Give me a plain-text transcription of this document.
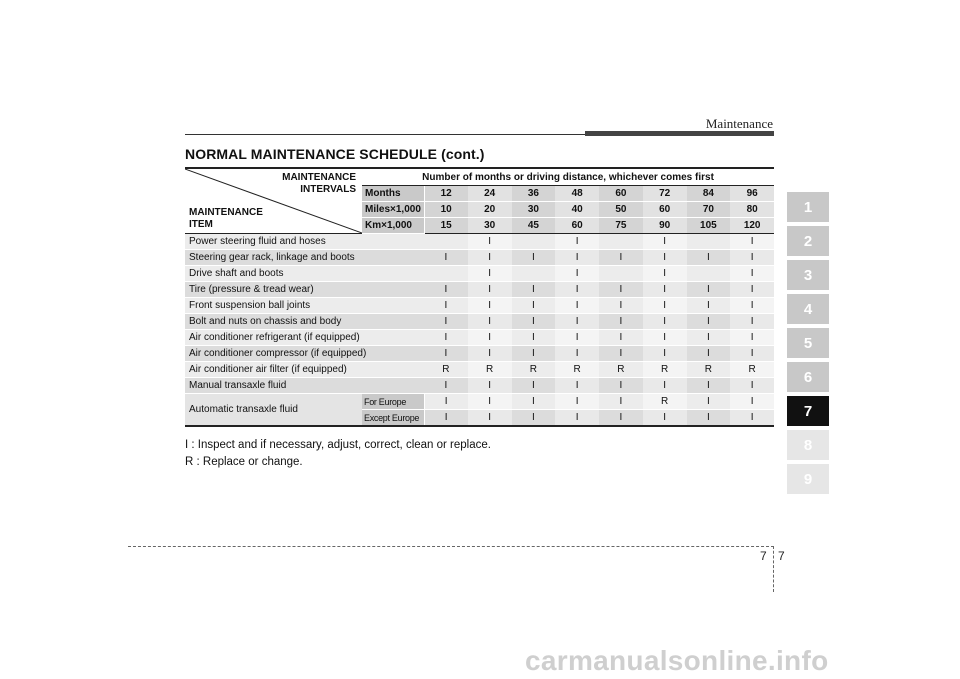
Maintenance
NORMAL MAINTENANCE SCHEDULE (cont.)
MAINTENANCE
INTERVALS
MAINTENANCE
ITEM	Number of months or driving distance, whichever comes first								
	Months	12	24	36	48	60	72	84	96
	Miles×1,000	10	20	30	40	50	60	70	80
	Km×1,000	15	30	45	60	75	90	105	120
Power steering fluid and hoses			I		I		I		I
Steering gear rack, linkage and boots		I	I	I	I	I	I	I	I
Drive shaft and boots			I		I		I		I
Tire (pressure & tread wear)		I	I	I	I	I	I	I	I
Front suspension ball joints		I	I	I	I	I	I	I	I
Bolt and nuts on chassis and body		I	I	I	I	I	I	I	I
Air conditioner refrigerant (if equipped)		I	I	I	I	I	I	I	I
Air conditioner compressor (if equipped)		I	I	I	I	I	I	I	I
Air conditioner air filter (if equipped)		R	R	R	R	R	R	R	R
Manual transaxle fluid		I	I	I	I	I	I	I	I
Automatic transaxle fluid	For Europe	I	I	I	I	I	R	I	I
	Except Europe	I	I	I	I	I	I	I	I
I : Inspect and if necessary, adjust, correct, clean or replace.
R : Replace or change.
1
2
3
4
5
6
7
8
9
7 7
carmanualsonline.info
